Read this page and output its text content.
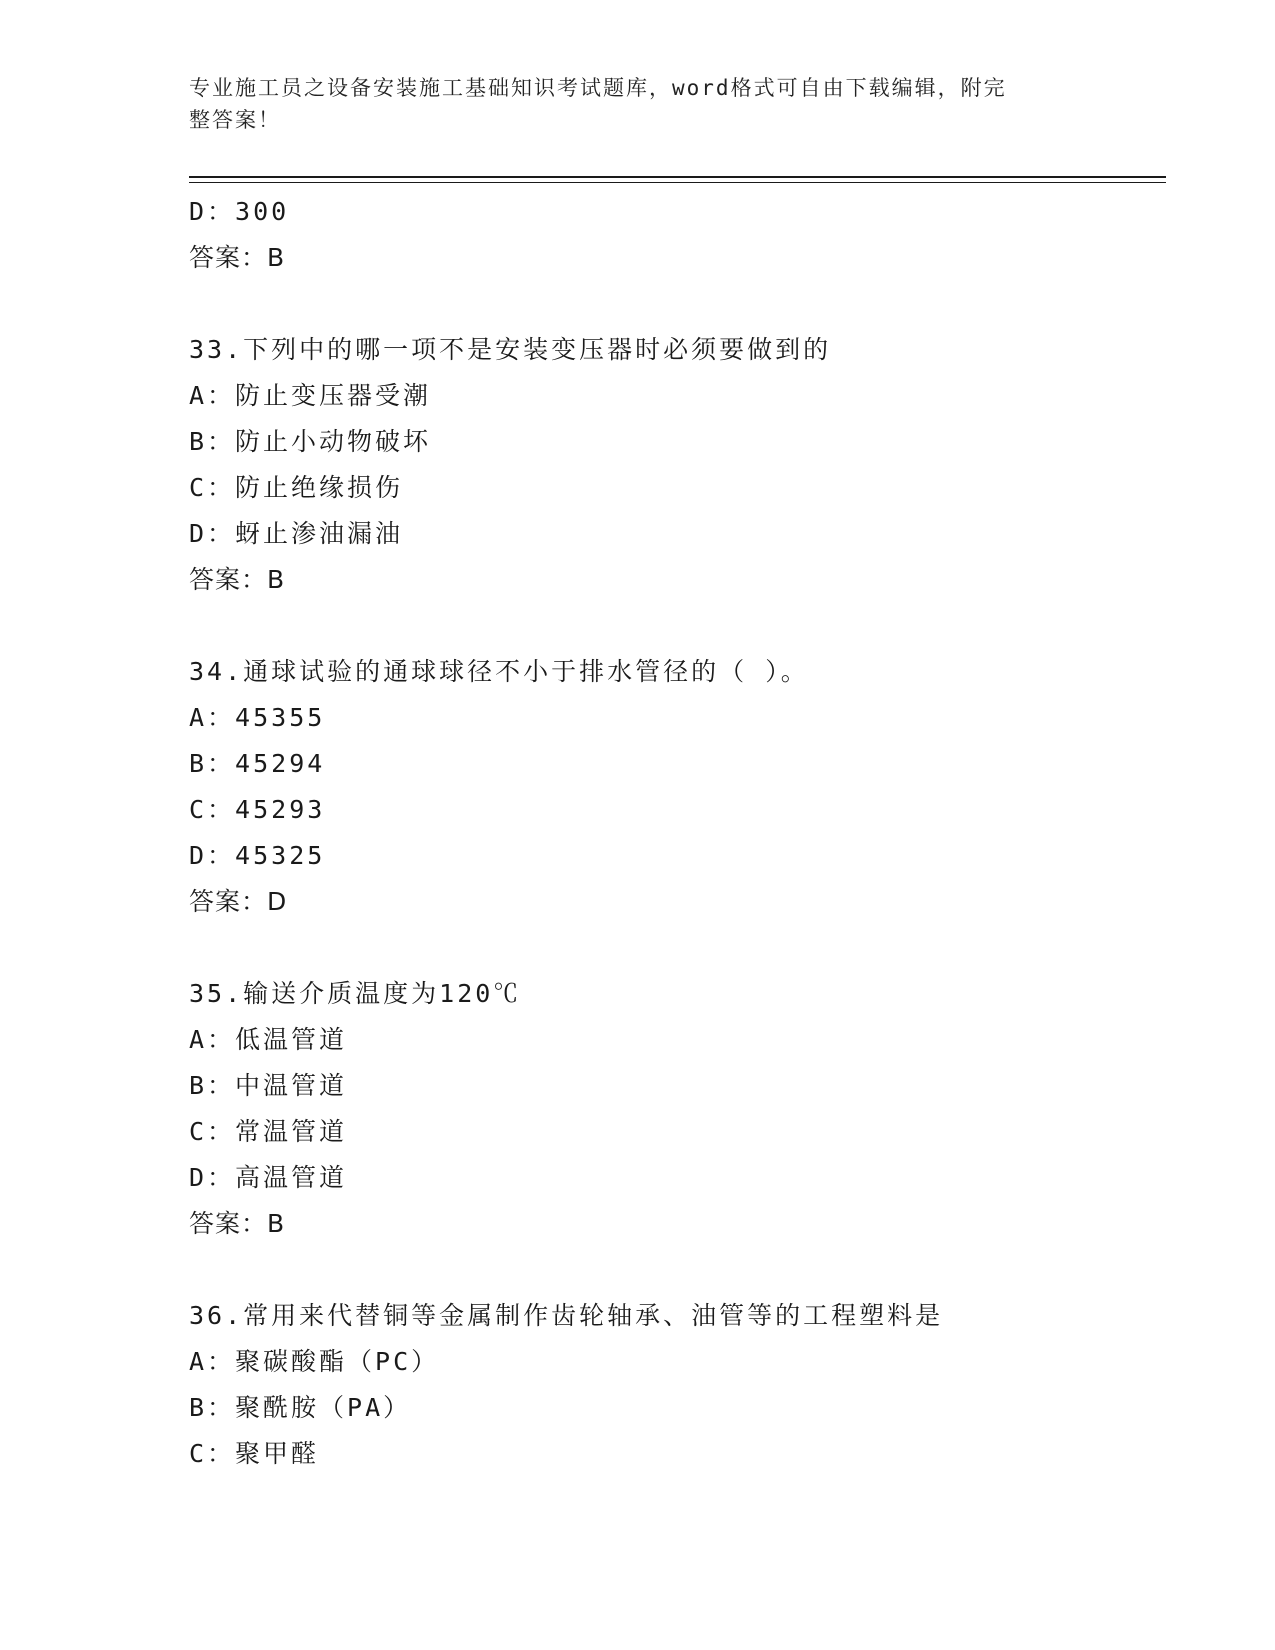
专业施工员之设备安装施工基础知识考试题库，word格式可自由下载编辑，附完
整答案！
D：300
答案：B
33.下列中的哪一项不是安装变压器时必须要做到的
A：防止变压器受潮
B：防止小动物破坏
C：防止绝缘损伤
D：蚜止渗油漏油
答案：B
34.通球试验的通球球径不小于排水管径的（ ）。
A：45355
B：45294
C：45293
D：45325
答案：D
35.输送介质温度为120℃
A：低温管道
B：中温管道
C：常温管道
D：高温管道
答案：B
36.常用来代替铜等金属制作齿轮轴承、油管等的工程塑料是
A：聚碳酸酯（PC）
B：聚酰胺（PA）
C：聚甲醛
